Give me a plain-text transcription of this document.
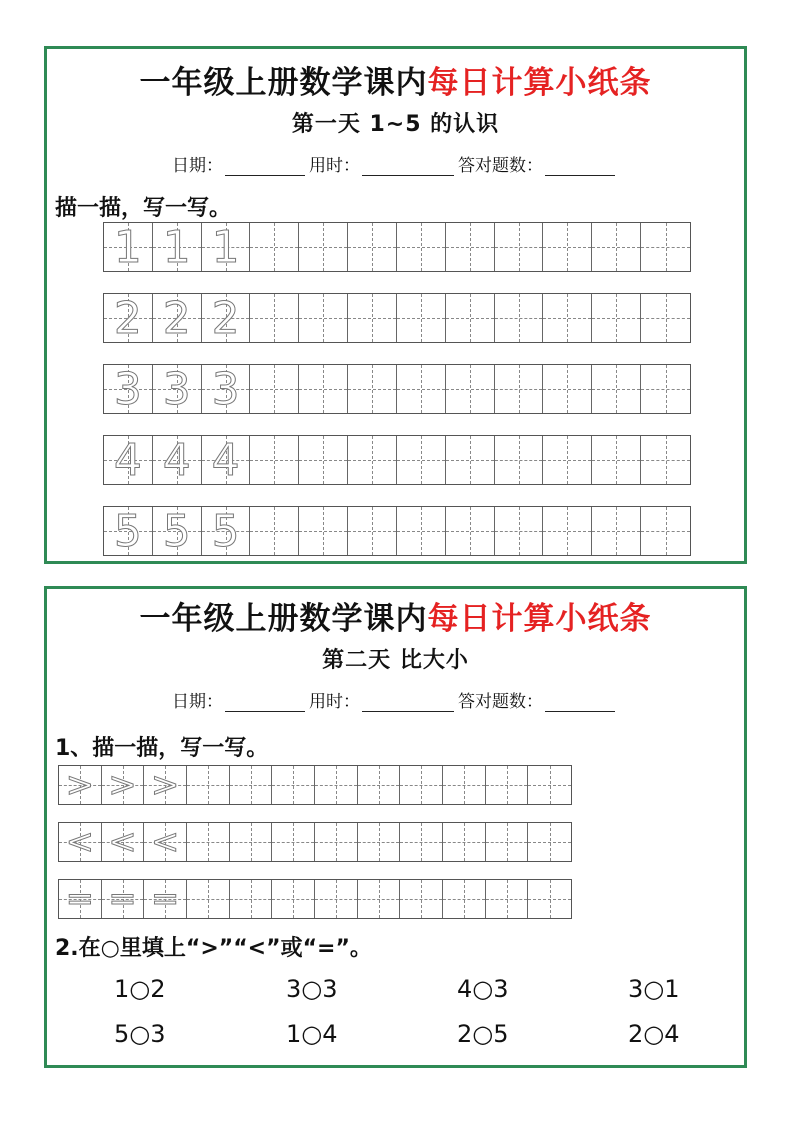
一年级上册数学课内每日计算小纸条
第一天 1~5 的认识
日期：	用时：	答对题数：
描一描，写一写。
1 1 1
2 2 2
3 3 3
4 4 4
5 5 5
一年级上册数学课内每日计算小纸条
第二天 比大小
日期：	用时：	答对题数：
1、描一描，写一写。
> > >
< < <
= = =
2.在○里填上“>”“<”或“=”。
1○2	3○3	4○3	3○1
5○3	1○4	2○5	2○4
